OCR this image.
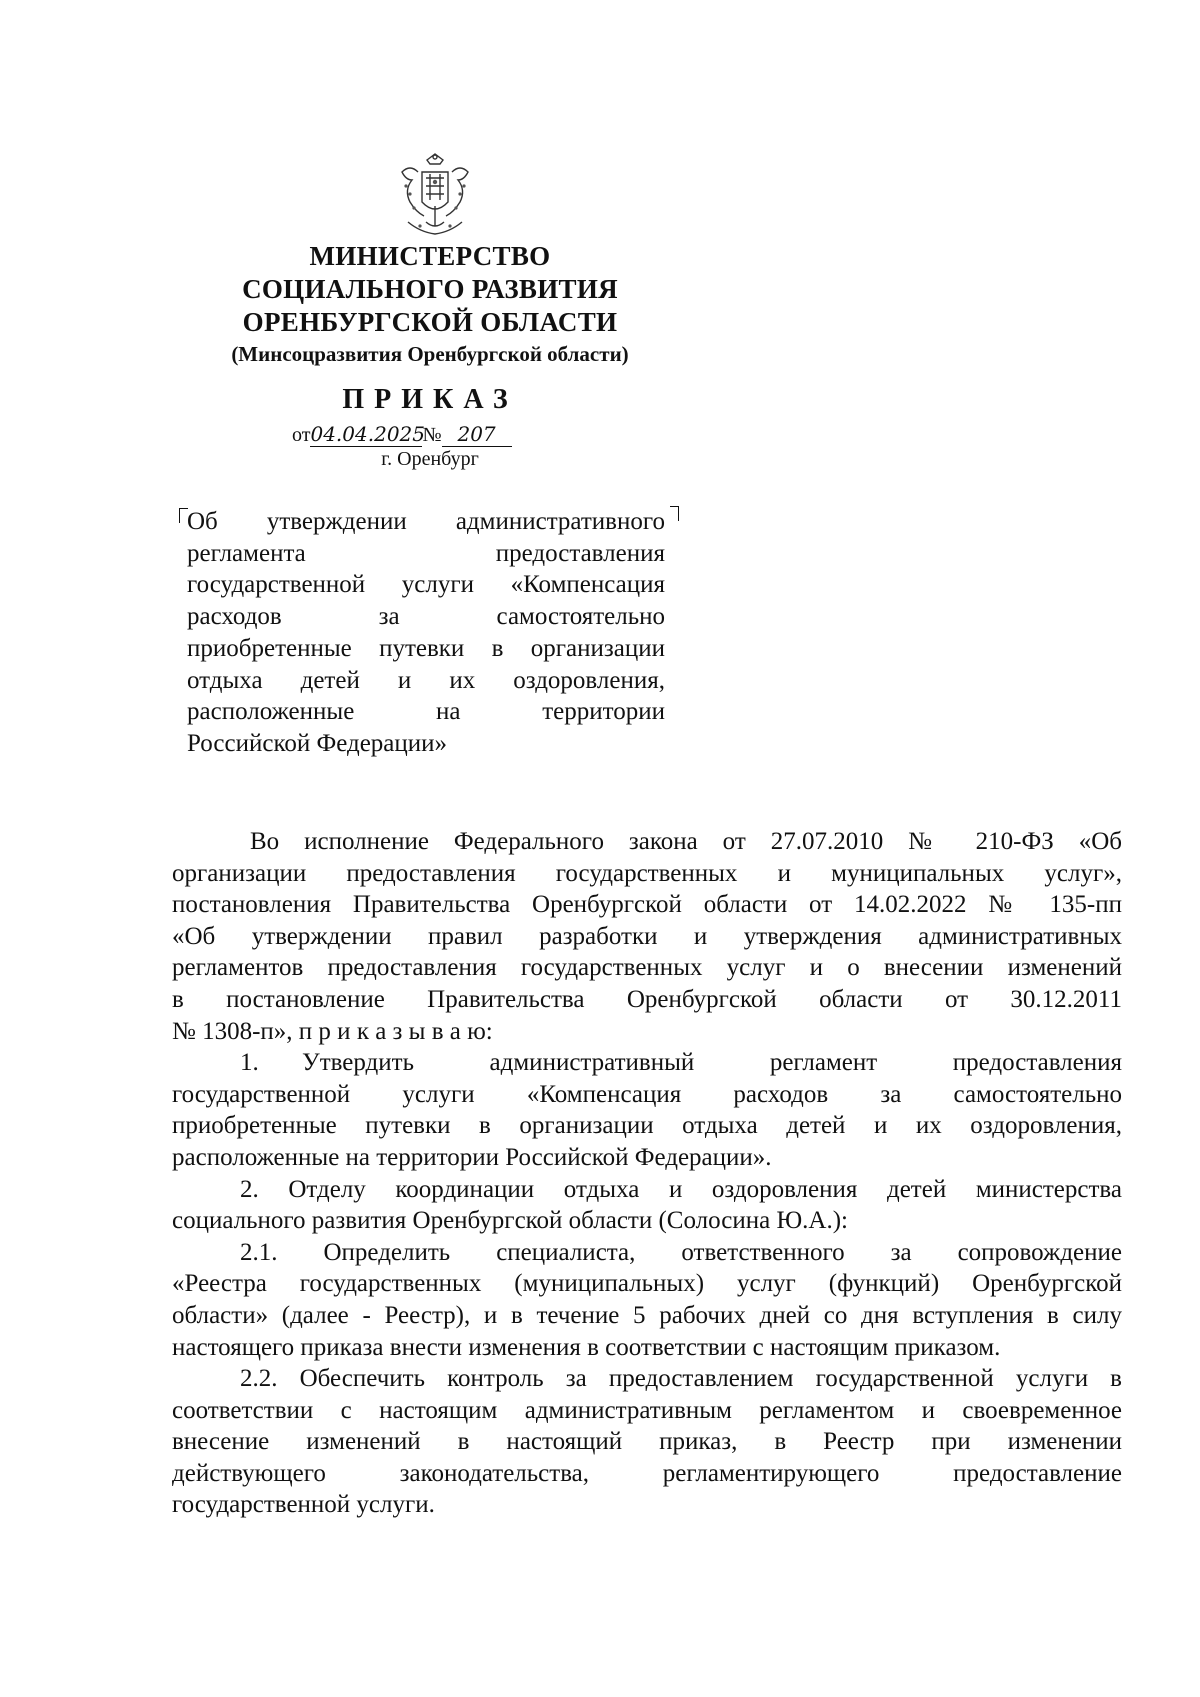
МИНИСТЕРСТВО
СОЦИАЛЬНОГО РАЗВИТИЯ
ОРЕНБУРГСКОЙ ОБЛАСТИ
(Минсоцразвития Оренбургской области)
ПРИКАЗ
от04.04.2025№ 207
г. Оренбург
Об утверждении административного
регламента предоставления
государственной услуги «Компенсация
расходов за самостоятельно
приобретенные путевки в организации
отдыха детей и их оздоровления,
расположенные на территории
Российской Федерации»
Во исполнение Федерального закона от 27.07.2010 № 210-ФЗ «Об
организации предоставления государственных и муниципальных услуг»,
постановления Правительства Оренбургской области от 14.02.2022 № 135-пп
«Об утверждении правил разработки и утверждения административных
регламентов предоставления государственных услуг и о внесении изменений
в постановление Правительства Оренбургской области от 30.12.2011
№ 1308-п», п р и к а з ы в а ю:
1. Утвердить административный регламент предоставления
государственной услуги «Компенсация расходов за самостоятельно
приобретенные путевки в организации отдыха детей и их оздоровления,
расположенные на территории Российской Федерации».
2. Отделу координации отдыха и оздоровления детей министерства
социального развития Оренбургской области (Солосина Ю.А.):
2.1. Определить специалиста, ответственного за сопровождение
«Реестра государственных (муниципальных) услуг (функций) Оренбургской
области» (далее - Реестр), и в течение 5 рабочих дней со дня вступления в силу
настоящего приказа внести изменения в соответствии с настоящим приказом.
2.2. Обеспечить контроль за предоставлением государственной услуги в
соответствии с настоящим административным регламентом и своевременное
внесение изменений в настоящий приказ, в Реестр при изменении
действующего законодательства, регламентирующего предоставление
государственной услуги.
